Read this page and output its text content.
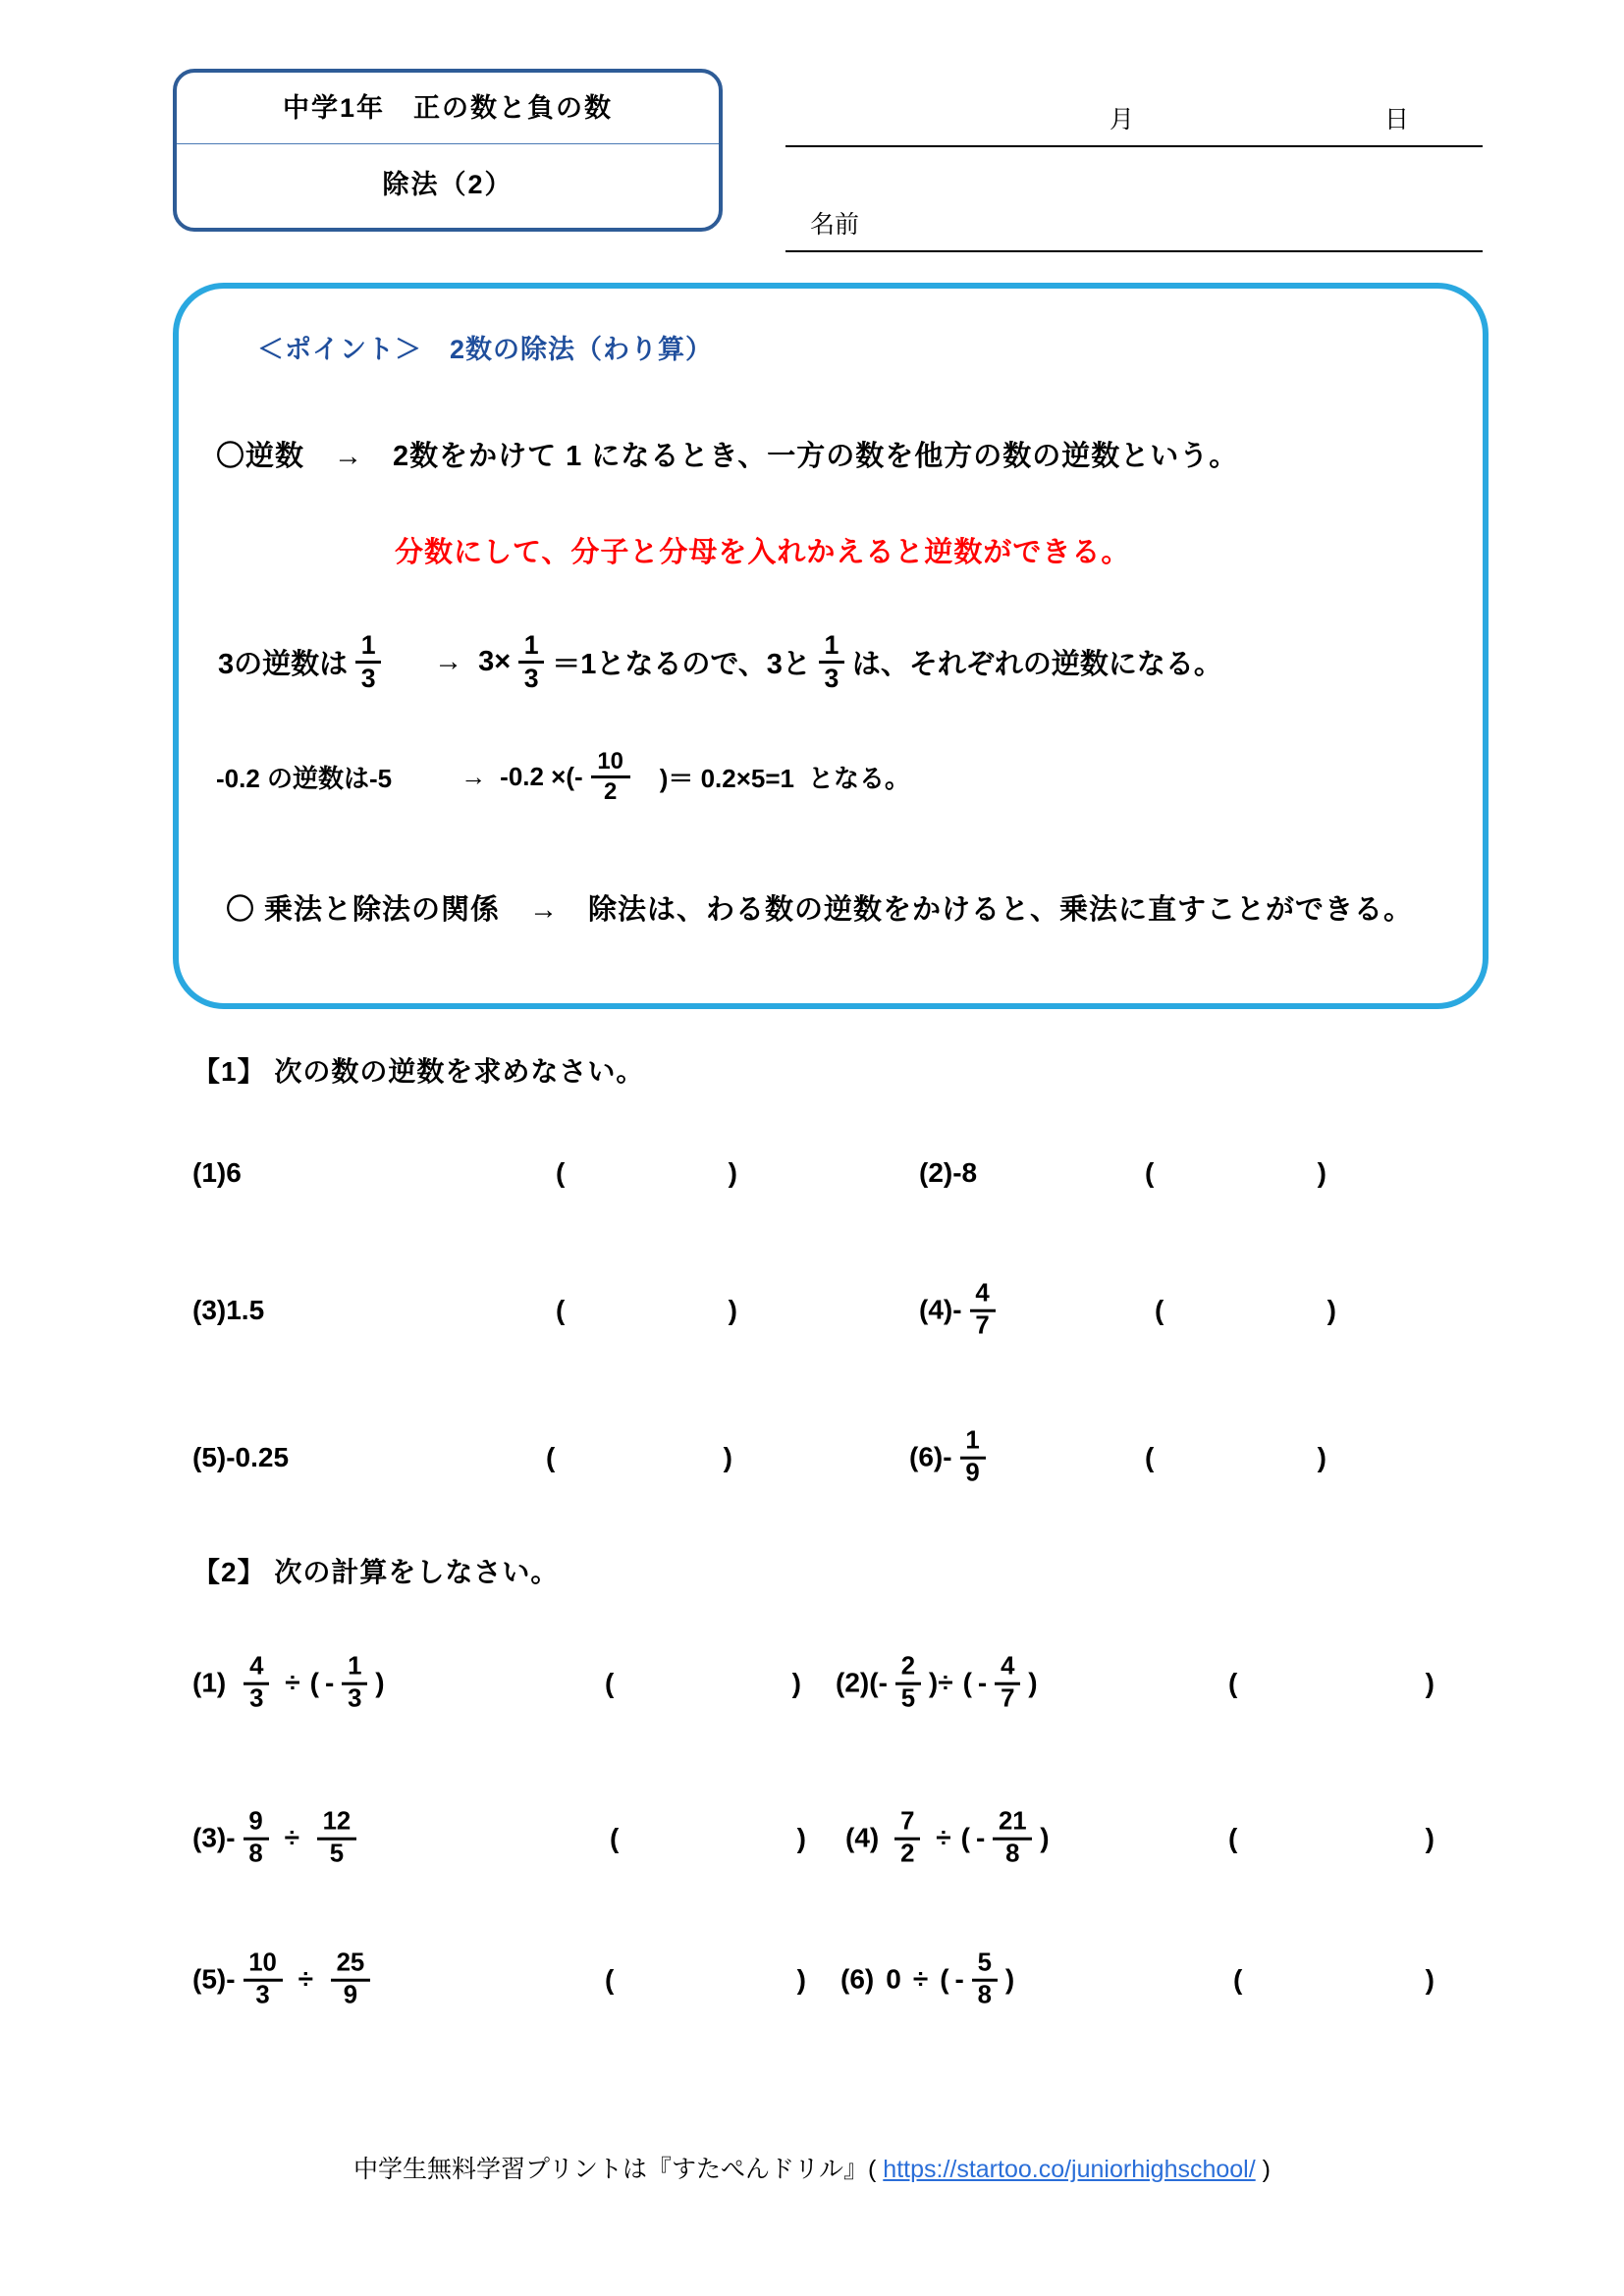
中学1年　正の数と負の数
除法（2）
月	日
名前
＜ポイント＞　2数の除法（わり算）
〇逆数　→　2数をかけて 1 になるとき、一方の数を他方の数の逆数という。
分数にして、分子と分母を入れかえると逆数ができる。
3の逆数は $\frac{1}{3} \to 3\times \frac{1}{3} =1$となるので、3と $\frac{1}{3}$ は、それぞれの逆数になる。
-0.2 の逆数は-5	→ -0.2 ×(- $\frac{10}{2}$ )＝ 0.2×5=1 となる。
〇 乗法と除法の関係　→　除法は、わる数の逆数をかけると、乗法に直すことができる。
【1】 次の数の逆数を求めなさい。
(1) 6	(	)	(2) -8	(	)
(3) 1.5	(	)	$(4) - \frac{4}{7}$	(	)
(5) -0.25	(	)	$(6) - \frac{1}{9}$	(	)
【2】 次の計算をしなさい。
$(1) \frac{4}{3}$ ÷ ( - $\frac{1}{3}$ )	(	) (2) ( - $\frac{2}{5}$ ) ÷ ( - $\frac{4}{7}$ )	(	)
$(3) - \frac{9}{8} \div \frac{12}{5}$	(	) $(4) \frac{7}{2}$ ÷ ( - $\frac{21}{8}$ )	(	)
$(5) - \frac{10}{3} \div \frac{25}{9}$	(	) (6) 0 ÷ ( - $\frac{5}{8}$ )	(	)
中学生無料学習プリントは『すたぺんドリル』( https://startoo.co/juniorhighschool/ )
